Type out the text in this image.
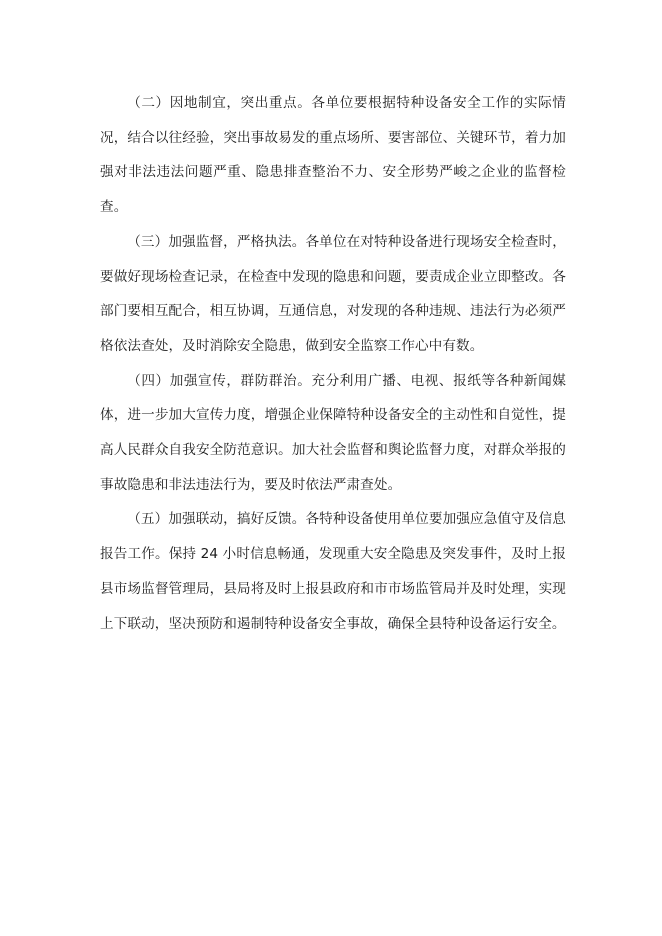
（二）因地制宜，突出重点。各单位要根据特种设备安全工作的实际情况，结合以往经验，突出事故易发的重点场所、要害部位、关键环节，着力加强对非法违法问题严重、隐患排查整治不力、安全形势严峻之企业的监督检查。

（三）加强监督，严格执法。各单位在对特种设备进行现场安全检查时，要做好现场检查记录，在检查中发现的隐患和问题，要责成企业立即整改。各部门要相互配合，相互协调，互通信息，对发现的各种违规、违法行为必须严格依法查处，及时消除安全隐患，做到安全监察工作心中有数。

（四）加强宣传，群防群治。充分利用广播、电视、报纸等各种新闻媒体，进一步加大宣传力度，增强企业保障特种设备安全的主动性和自觉性，提高人民群众自我安全防范意识。加大社会监督和舆论监督力度，对群众举报的事故隐患和非法违法行为，要及时依法严肃查处。

（五）加强联动，搞好反馈。各特种设备使用单位要加强应急值守及信息报告工作。保持 24 小时信息畅通，发现重大安全隐患及突发事件，及时上报县市场监督管理局，县局将及时上报县政府和市市场监管局并及时处理，实现上下联动，坚决预防和遏制特种设备安全事故，确保全县特种设备运行安全。
